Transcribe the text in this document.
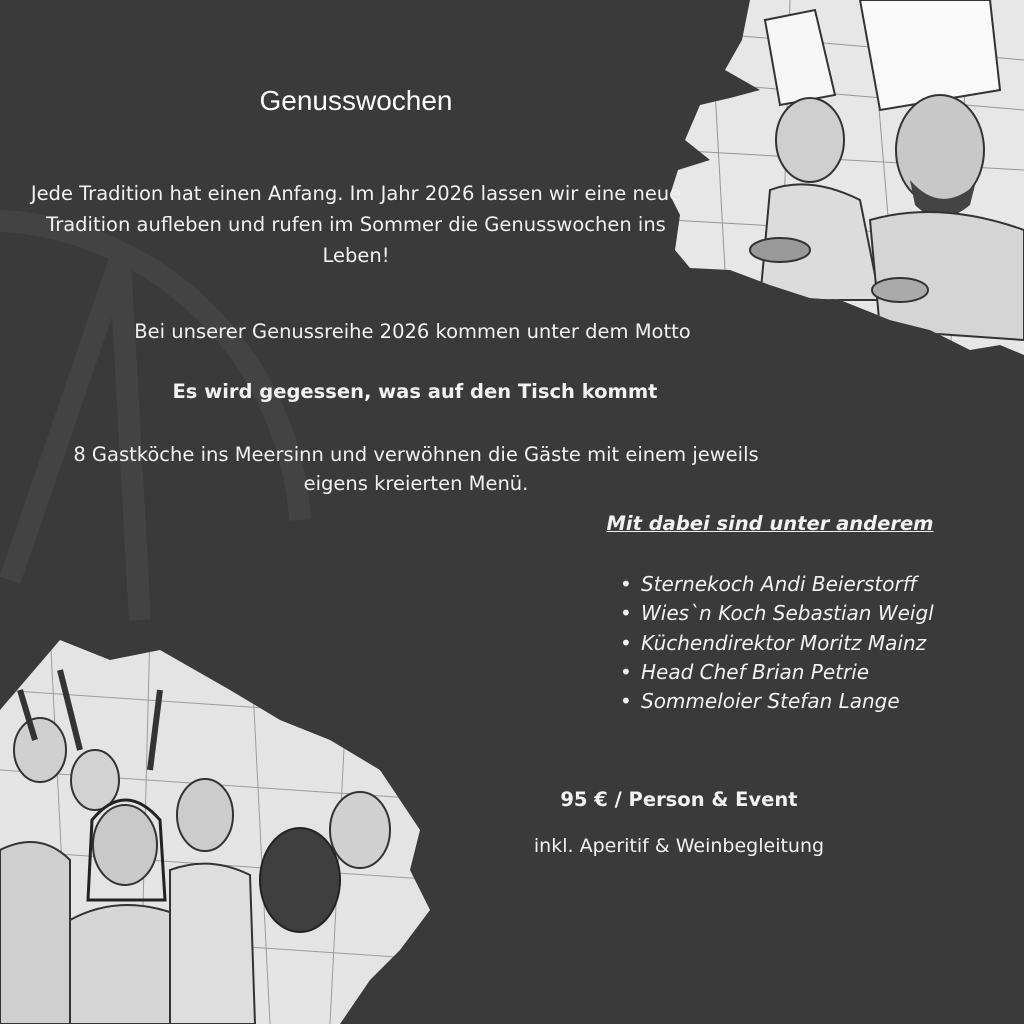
Genusswochen

Jede Tradition hat einen Anfang. Im Jahr 2026 lassen wir eine neue Tradition aufleben und rufen im Sommer die Genusswochen ins Leben!

Bei unserer Genussreihe 2026 kommen unter dem Motto

Es wird gegessen, was auf den Tisch kommt

8 Gastköche ins Meersinn und verwöhnen die Gäste mit einem jeweils eigens kreierten Menü.

Mit dabei sind unter anderem

• Sternekoch Andi Beierstorff
• Wies`n Koch Sebastian Weigl
• Küchendirektor Moritz Mainz
• Head Chef Brian Petrie
• Sommeloier Stefan Lange

95 € / Person & Event

inkl. Aperitif & Weinbegleitung
